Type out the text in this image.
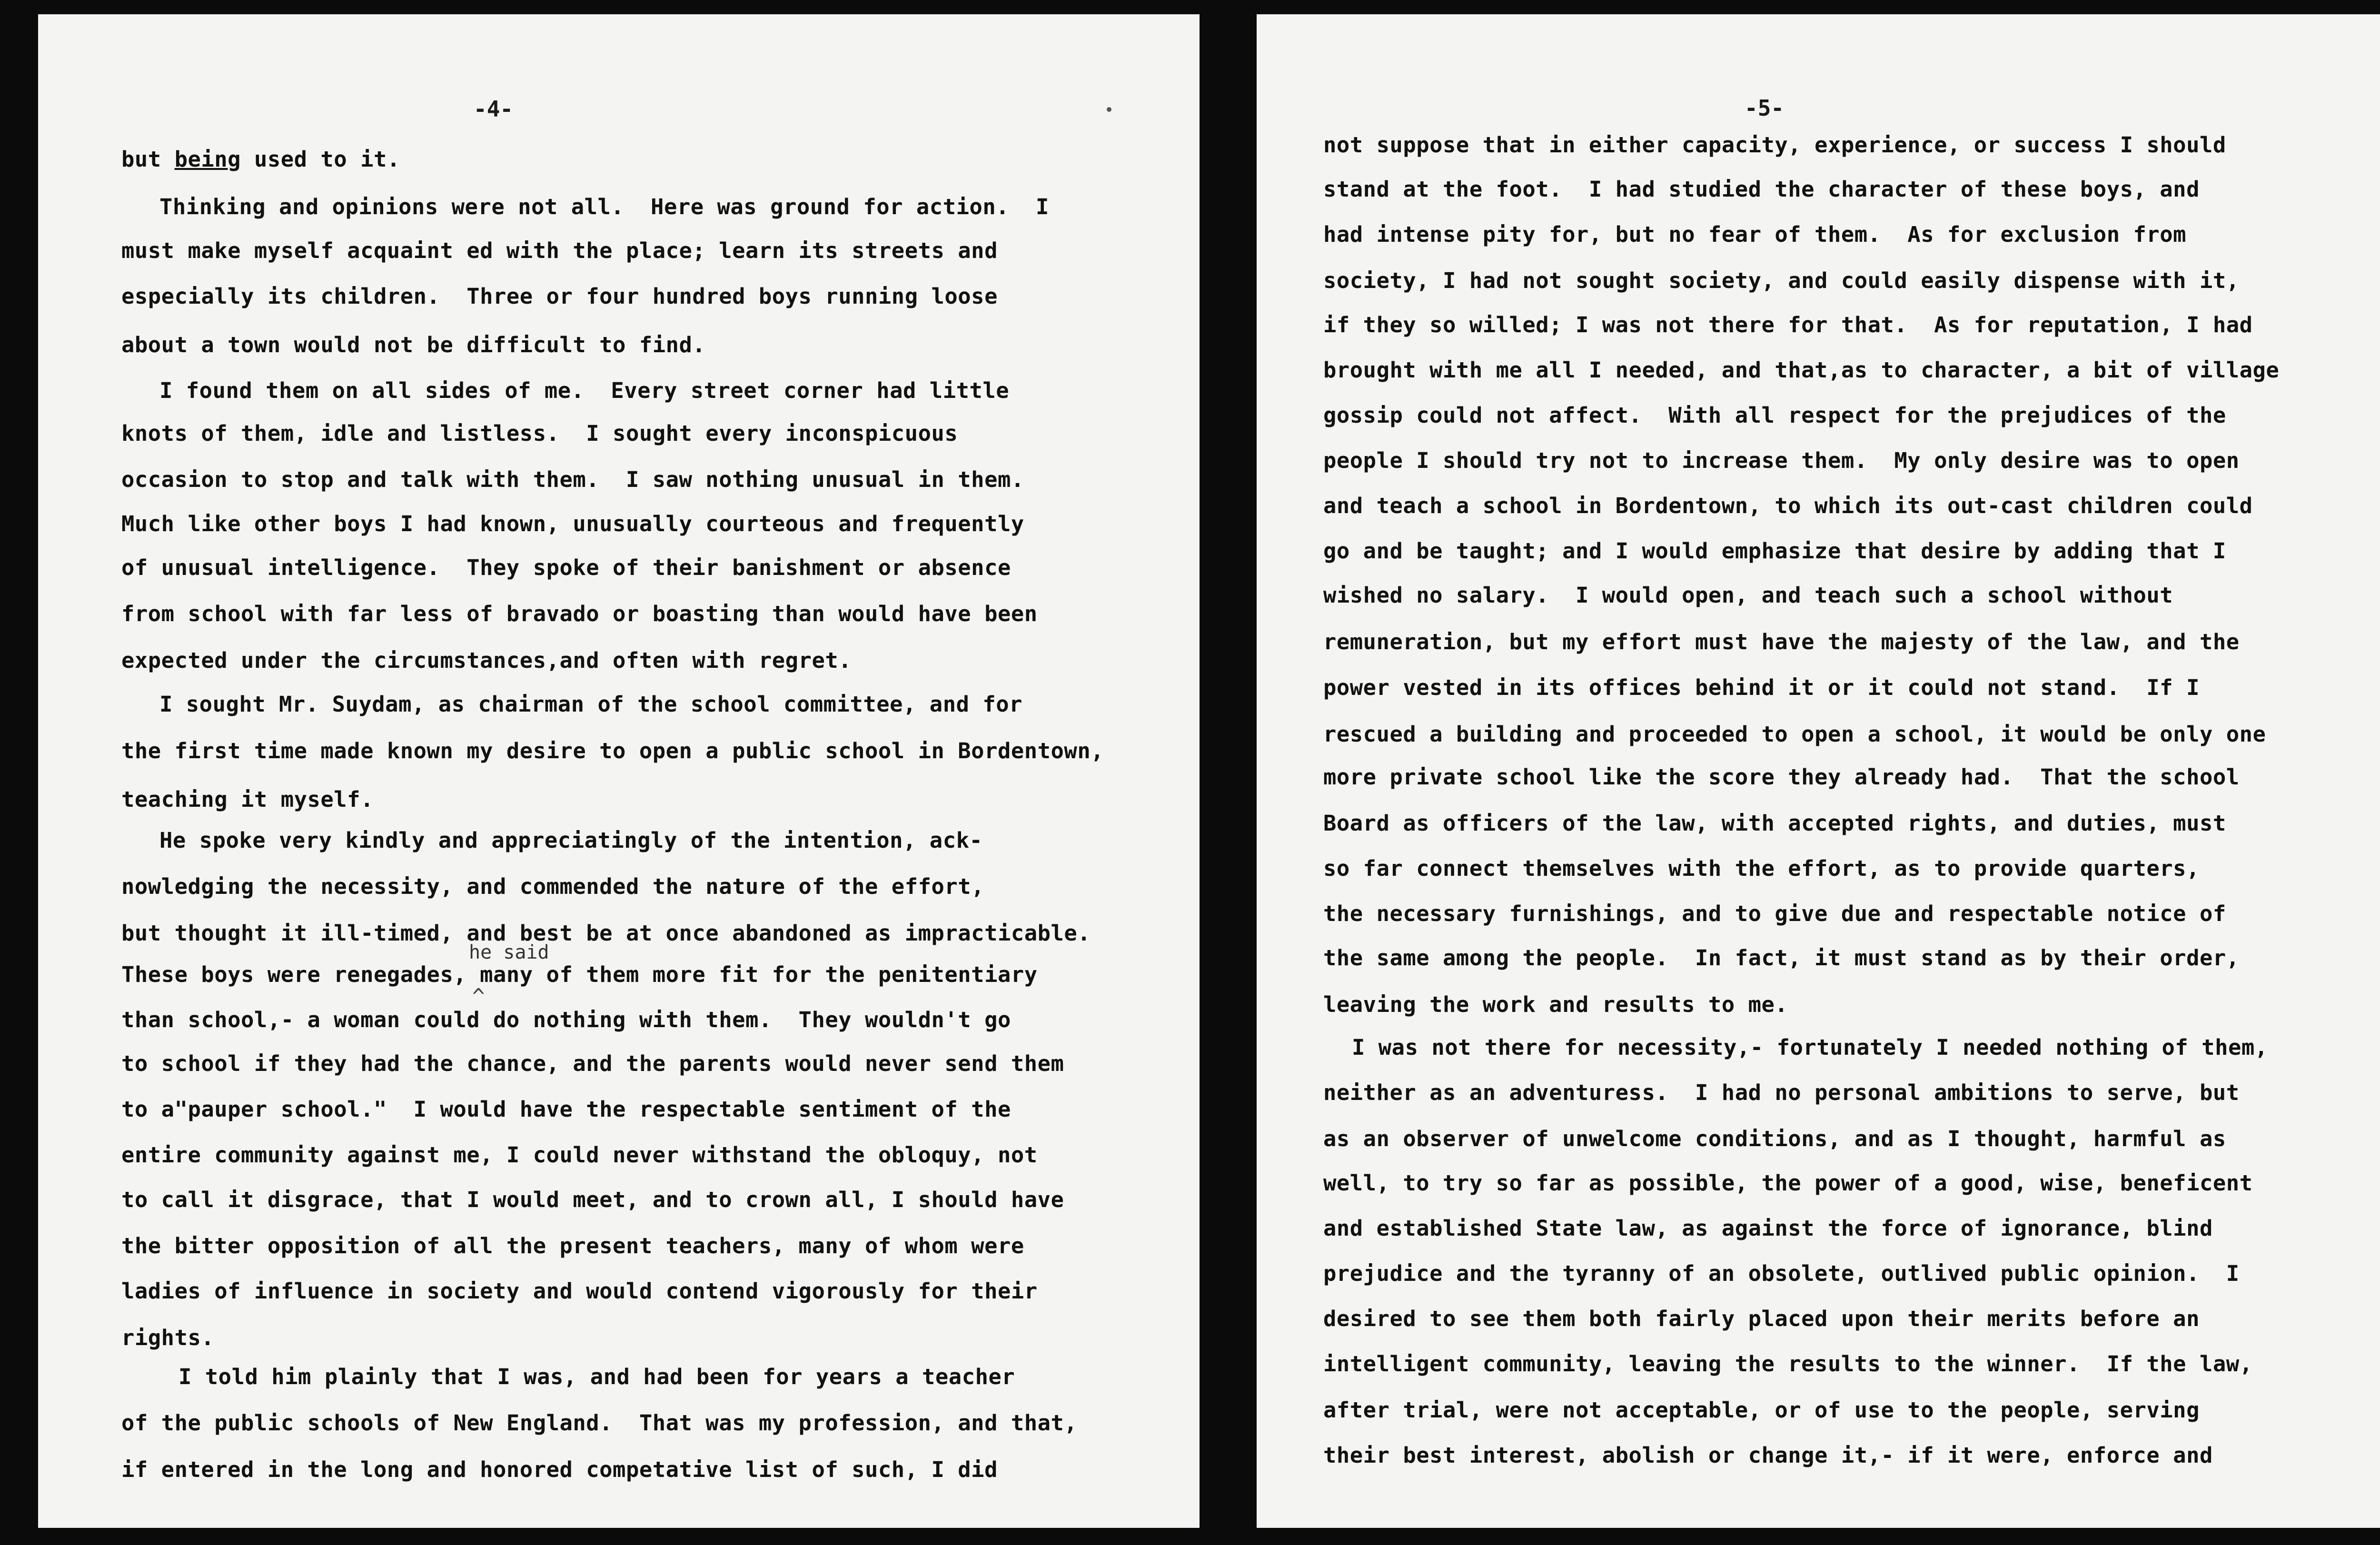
-4-

but being used to it.

Thinking and opinions were not all.  Here was ground for action.  I

must make myself acquaint ed with the place; learn its streets and

especially its children.  Three or four hundred boys running loose

about a town would not be difficult to find.

I found them on all sides of me.  Every street corner had little

knots of them, idle and listless.  I sought every inconspicuous

occasion to stop and talk with them.  I saw nothing unusual in them.

Much like other boys I had known, unusually courteous and frequently

of unusual intelligence.  They spoke of their banishment or absence

from school with far less of bravado or boasting than would have been

expected under the circumstances,and often with regret.

I sought Mr. Suydam, as chairman of the school committee, and for

the first time made known my desire to open a public school in Bordentown,

teaching it myself.

He spoke very kindly and appreciatingly of the intention, ack-

nowledging the necessity, and commended the nature of the effort,

but thought it ill-timed, and best be at once abandoned as impracticable.

he said

These boys were renegades, many of them more fit for the penitentiary

^

than school,- a woman could do nothing with them.  They wouldn't go

to school if they had the chance, and the parents would never send them

to a"pauper school."  I would have the respectable sentiment of the

entire community against me, I could never withstand the obloquy, not

to call it disgrace, that I would meet, and to crown all, I should have

the bitter opposition of all the present teachers, many of whom were

ladies of influence in society and would contend vigorously for their

rights.

I told him plainly that I was, and had been for years a teacher

of the public schools of New England.  That was my profession, and that,

if entered in the long and honored competative list of such, I did

-5-

not suppose that in either capacity, experience, or success I should

stand at the foot.  I had studied the character of these boys, and

had intense pity for, but no fear of them.  As for exclusion from

society, I had not sought society, and could easily dispense with it,

if they so willed; I was not there for that.  As for reputation, I had

brought with me all I needed, and that,as to character, a bit of village

gossip could not affect.  With all respect for the prejudices of the

people I should try not to increase them.  My only desire was to open

and teach a school in Bordentown, to which its out-cast children could

go and be taught; and I would emphasize that desire by adding that I

wished no salary.  I would open, and teach such a school without

remuneration, but my effort must have the majesty of the law, and the

power vested in its offices behind it or it could not stand.  If I

rescued a building and proceeded to open a school, it would be only one

more private school like the score they already had.  That the school

Board as officers of the law, with accepted rights, and duties, must

so far connect themselves with the effort, as to provide quarters,

the necessary furnishings, and to give due and respectable notice of

the same among the people.  In fact, it must stand as by their order,

leaving the work and results to me.

I was not there for necessity,- fortunately I needed nothing of them,

neither as an adventuress.  I had no personal ambitions to serve, but

as an observer of unwelcome conditions, and as I thought, harmful as

well, to try so far as possible, the power of a good, wise, beneficent

and established State law, as against the force of ignorance, blind

prejudice and the tyranny of an obsolete, outlived public opinion.  I

desired to see them both fairly placed upon their merits before an

intelligent community, leaving the results to the winner.  If the law,

after trial, were not acceptable, or of use to the people, serving

their best interest, abolish or change it,- if it were, enforce and
